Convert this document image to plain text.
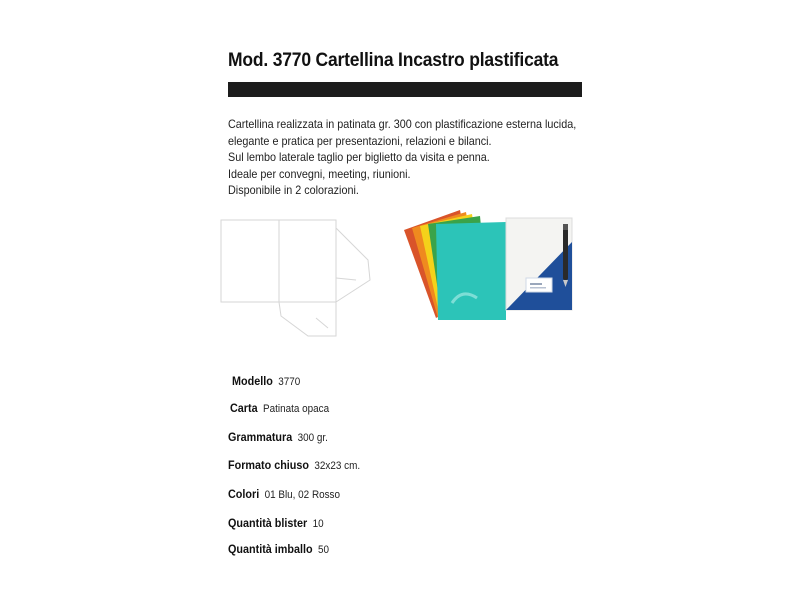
Mod. 3770 Cartellina Incastro plastificata
Cartellina realizzata in patinata gr. 300 con plastificazione esterna lucida,
elegante e pratica per presentazioni, relazioni e bilanci.
Sul lembo laterale taglio per biglietto da visita e penna.
Ideale per convegni, meeting, riunioni.
Disponibile in 2 colorazioni.
Modello 3770
Carta Patinata opaca
Grammatura 300 gr.
Formato chiuso 32x23 cm.
Colori 01 Blu, 02 Rosso
Quantità blister 10
Quantità imballo 50
